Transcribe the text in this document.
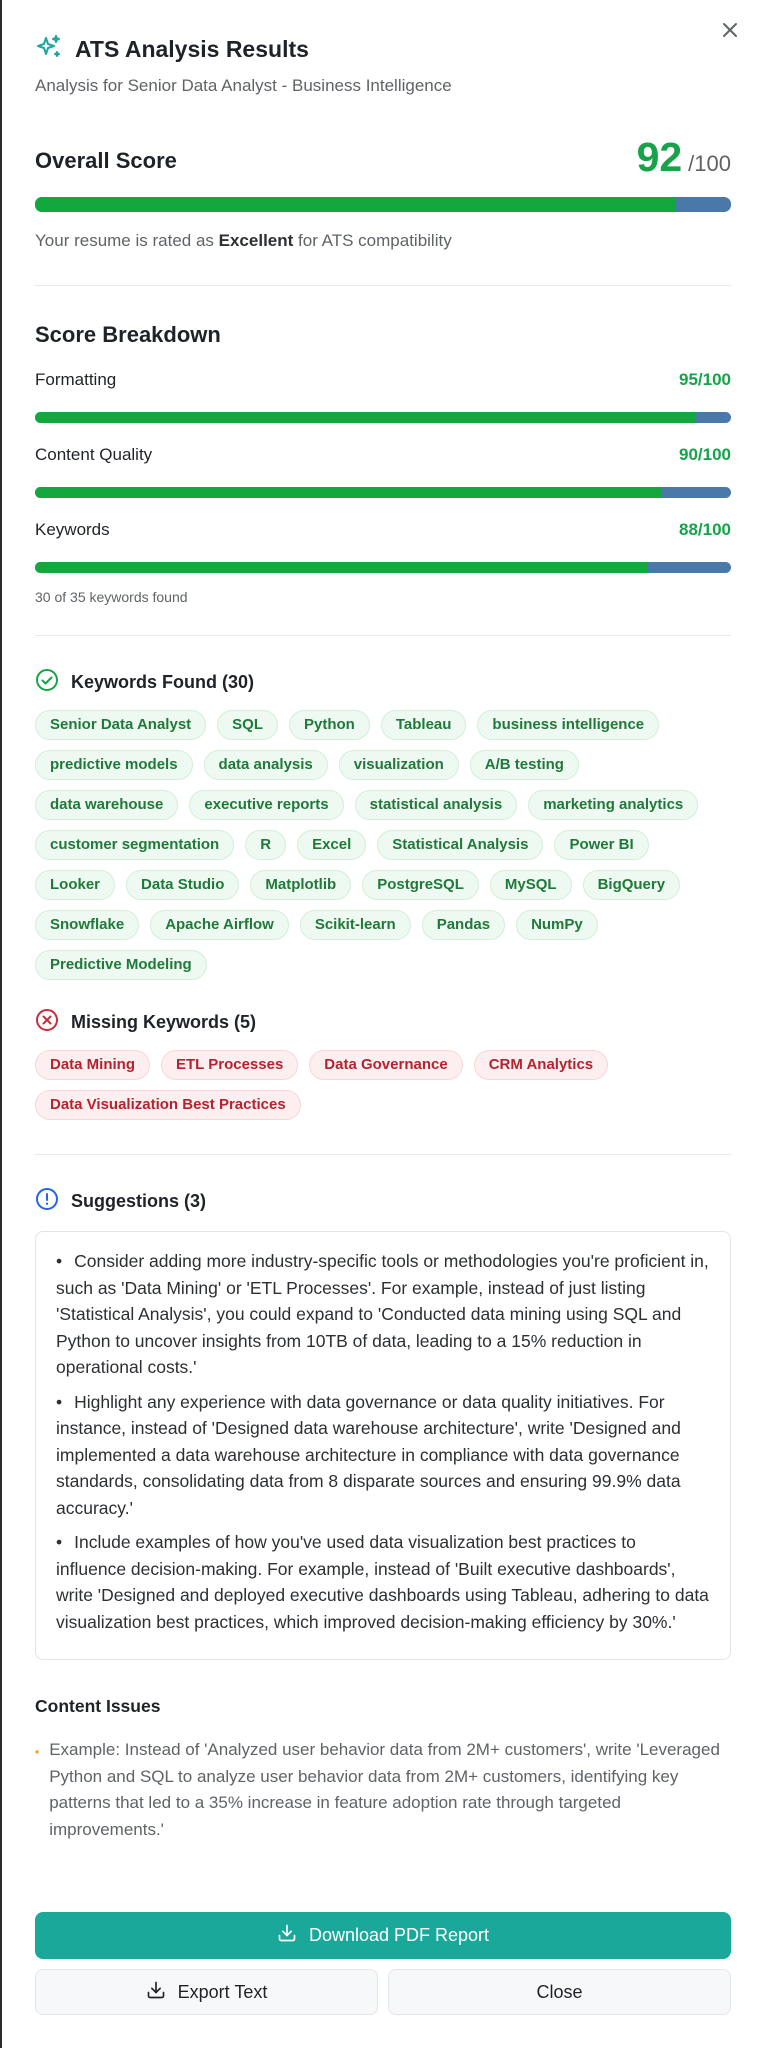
ATS Analysis Results
Analysis for Senior Data Analyst - Business Intelligence
Overall Score	92 /100
Your resume is rated as Excellent for ATS compatibility
Score Breakdown
Formatting	95/100
Content Quality	90/100
Keywords	88/100
30 of 35 keywords found
Keywords Found (30)
Senior Data Analyst	SQL	Python	Tableau	business intelligence
predictive models	data analysis	visualization	A/B testing
data warehouse	executive reports	statistical analysis	marketing analytics
customer segmentation	R	Excel	Statistical Analysis	Power BI
Looker	Data Studio	Matplotlib	PostgreSQL	MySQL	BigQuery
Snowflake	Apache Airflow	Scikit-learn	Pandas	NumPy
Predictive Modeling
Missing Keywords (5)
Data Mining	ETL Processes	Data Governance	CRM Analytics
Data Visualization Best Practices
Suggestions (3)
• Consider adding more industry-specific tools or methodologies you're proficient in, such as 'Data Mining' or 'ETL Processes'. For example, instead of just listing 'Statistical Analysis', you could expand to 'Conducted data mining using SQL and Python to uncover insights from 10TB of data, leading to a 15% reduction in operational costs.'
• Highlight any experience with data governance or data quality initiatives. For instance, instead of 'Designed data warehouse architecture', write 'Designed and implemented a data warehouse architecture in compliance with data governance standards, consolidating data from 8 disparate sources and ensuring 99.9% data accuracy.'
• Include examples of how you've used data visualization best practices to influence decision-making. For example, instead of 'Built executive dashboards', write 'Designed and deployed executive dashboards using Tableau, adhering to data visualization best practices, which improved decision-making efficiency by 30%.'
Content Issues
• Example: Instead of 'Analyzed user behavior data from 2M+ customers', write 'Leveraged Python and SQL to analyze user behavior data from 2M+ customers, identifying key patterns that led to a 35% increase in feature adoption rate through targeted improvements.'
Download PDF Report
Export Text	Close
